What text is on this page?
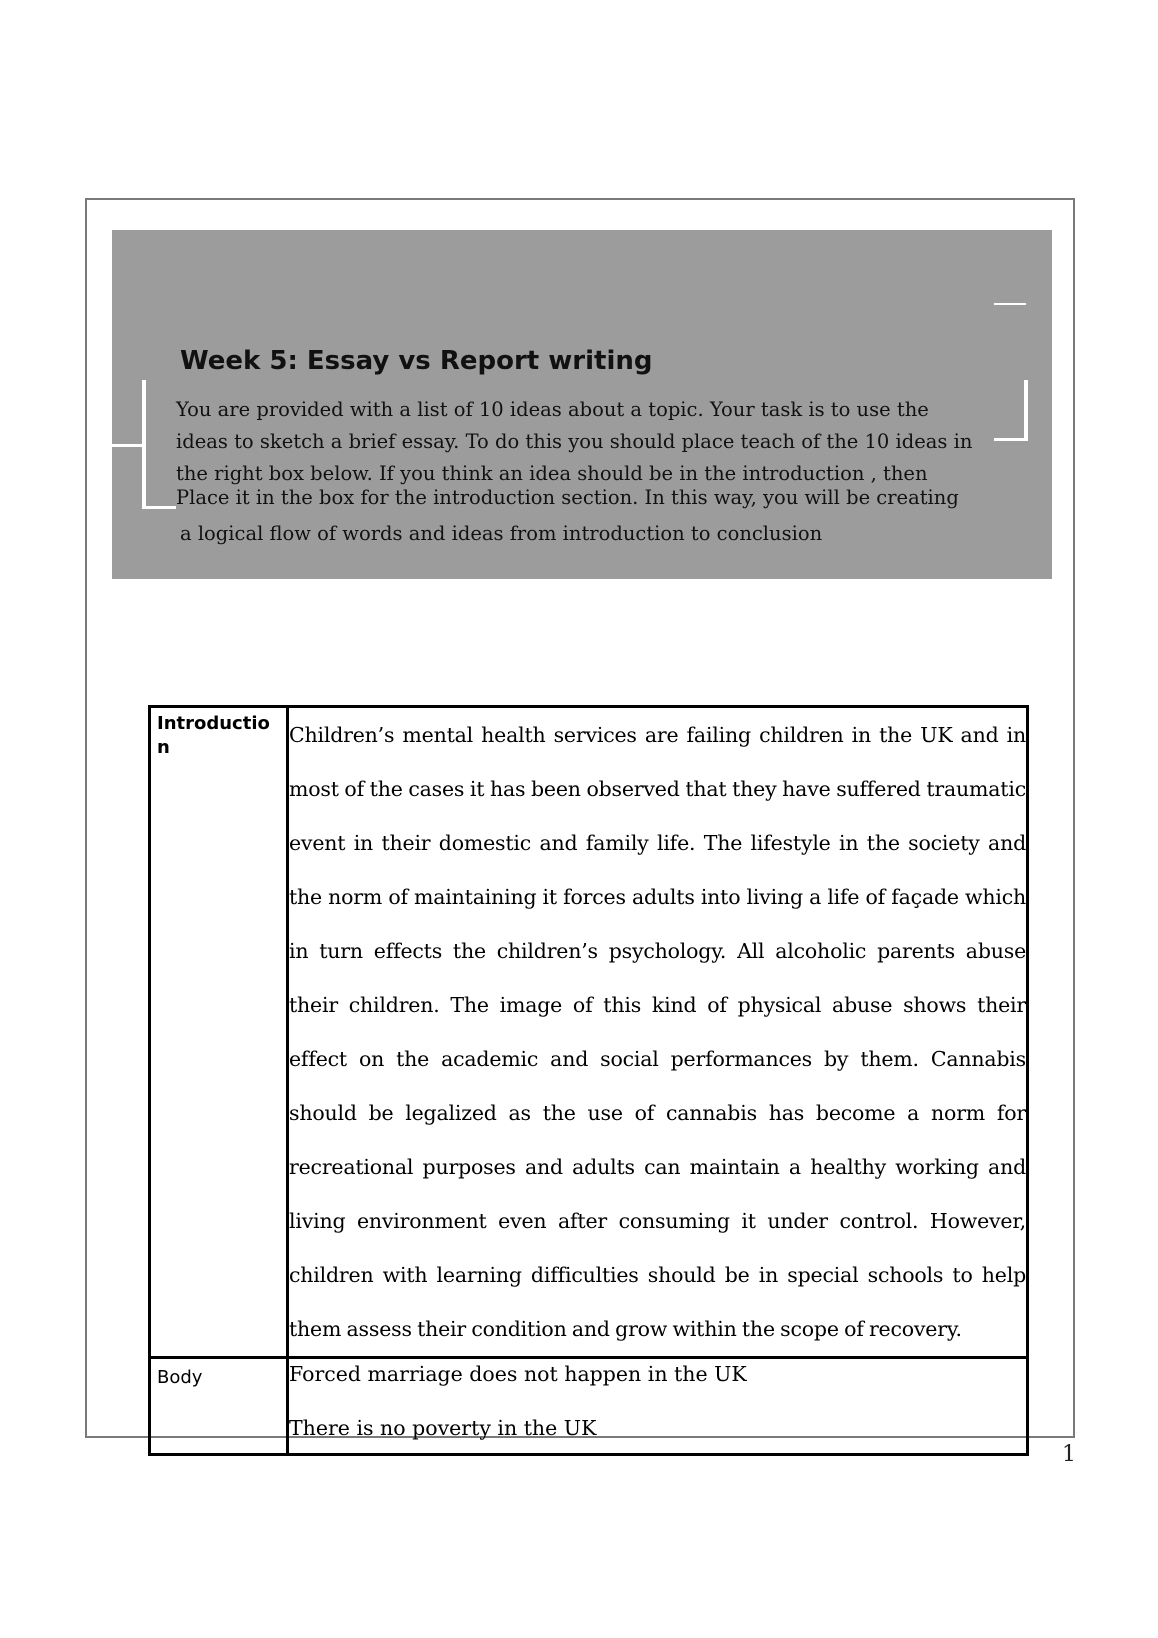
Week 5: Essay vs Report writing
You are provided with a list of 10 ideas about a topic. Your task is to use the
ideas to sketch a brief essay. To do this you should place teach of the 10 ideas in
the right box below. If you think an idea should be in the introduction , then
Place it in the box for the introduction section. In this way, you will be creating
a logical flow of words and ideas from introduction to conclusion
Introduction
Children’s mental health services are failing children in the UK and in most of the cases it has been observed that they have suffered traumatic event in their domestic and family life. The lifestyle in the society and the norm of maintaining it forces adults into living a life of façade which in turn effects the children’s psychology. All alcoholic parents abuse their children. The image of this kind of physical abuse shows their effect on the academic and social performances by them. Cannabis should be legalized as the use of cannabis has become a norm for recreational purposes and adults can maintain a healthy working and living environment even after consuming it under control. However, children with learning difficulties should be in special schools to help them assess their condition and grow within the scope of recovery.
Body	Forced marriage does not happen in the UK
There is no poverty in the UK
1
